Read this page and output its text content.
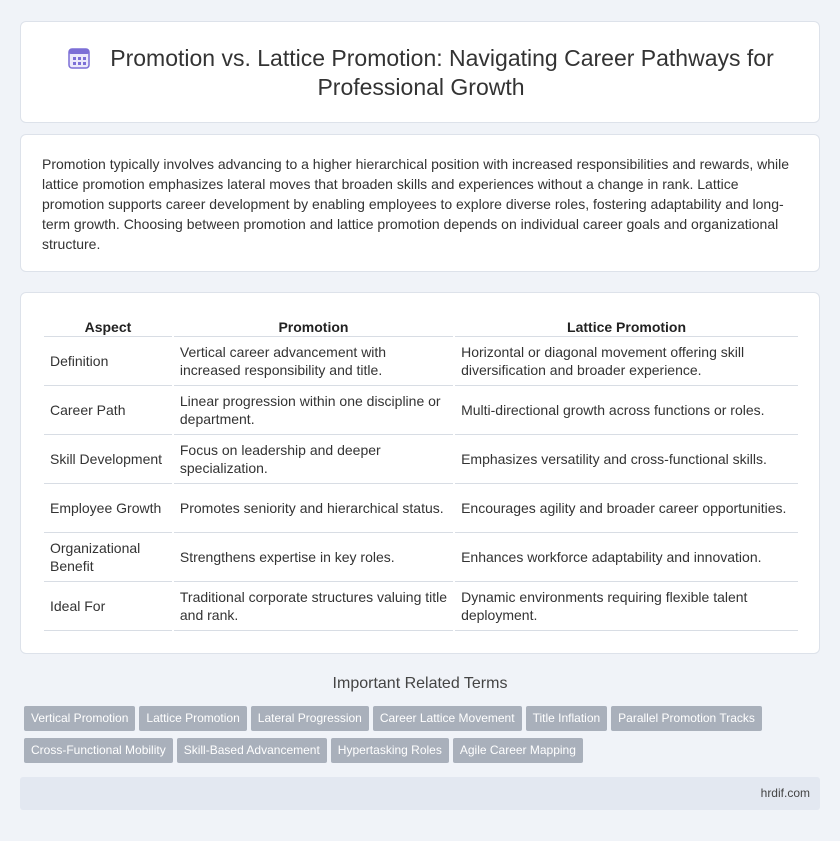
Promotion vs. Lattice Promotion: Navigating Career Pathways for
Professional Growth

Promotion typically involves advancing to a higher hierarchical position with increased responsibilities and rewards, while lattice promotion emphasizes lateral moves that broaden skills and experiences without a change in rank. Lattice promotion supports career development by enabling employees to explore diverse roles, fostering adaptability and long-term growth. Choosing between promotion and lattice promotion depends on individual career goals and organizational structure.

Aspect	Promotion	Lattice Promotion
Definition	Vertical career advancement with increased responsibility and title.	Horizontal or diagonal movement offering skill diversification and broader experience.
Career Path	Linear progression within one discipline or department.	Multi-directional growth across functions or roles.
Skill Development	Focus on leadership and deeper specialization.	Emphasizes versatility and cross-functional skills.
Employee Growth	Promotes seniority and hierarchical status.	Encourages agility and broader career opportunities.
Organizational Benefit	Strengthens expertise in key roles.	Enhances workforce adaptability and innovation.
Ideal For	Traditional corporate structures valuing title and rank.	Dynamic environments requiring flexible talent deployment.
Important Related Terms
Vertical Promotion Lattice Promotion Lateral Progression Career Lattice Movement Title Inflation Parallel Promotion Tracks
Cross-Functional Mobility Skill-Based Advancement Hypertasking Roles Agile Career Mapping
hrdif.com
